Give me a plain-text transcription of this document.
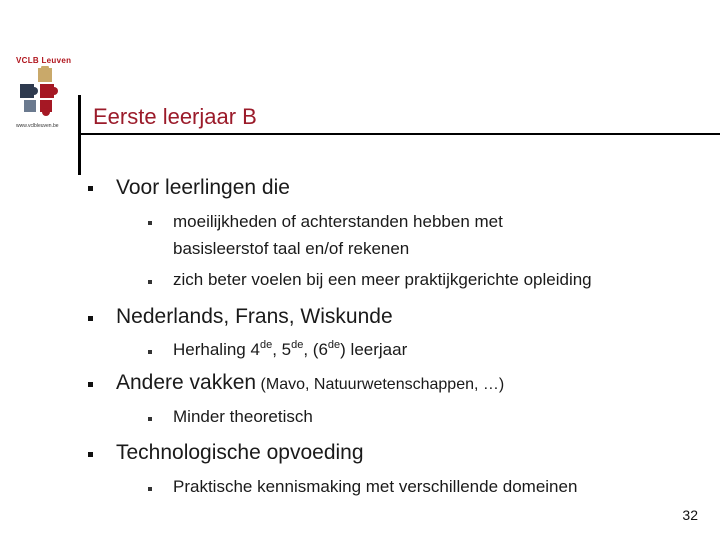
VCLB Leuven
www.vclbleuven.be Eerste leerjaar B
Voor leerlingen die
moeilijkheden of achterstanden hebben met
basisleerstof taal en/of rekenen
zich beter voelen bij een meer praktijkgerichte opleiding
Nederlands, Frans, Wiskunde
Herhaling 4de, 5de, (6de) leerjaar
Andere vakken (Mavo, Natuurwetenschappen, …)
Minder theoretisch
Technologische opvoeding
Praktische kennismaking met verschillende domeinen
32
